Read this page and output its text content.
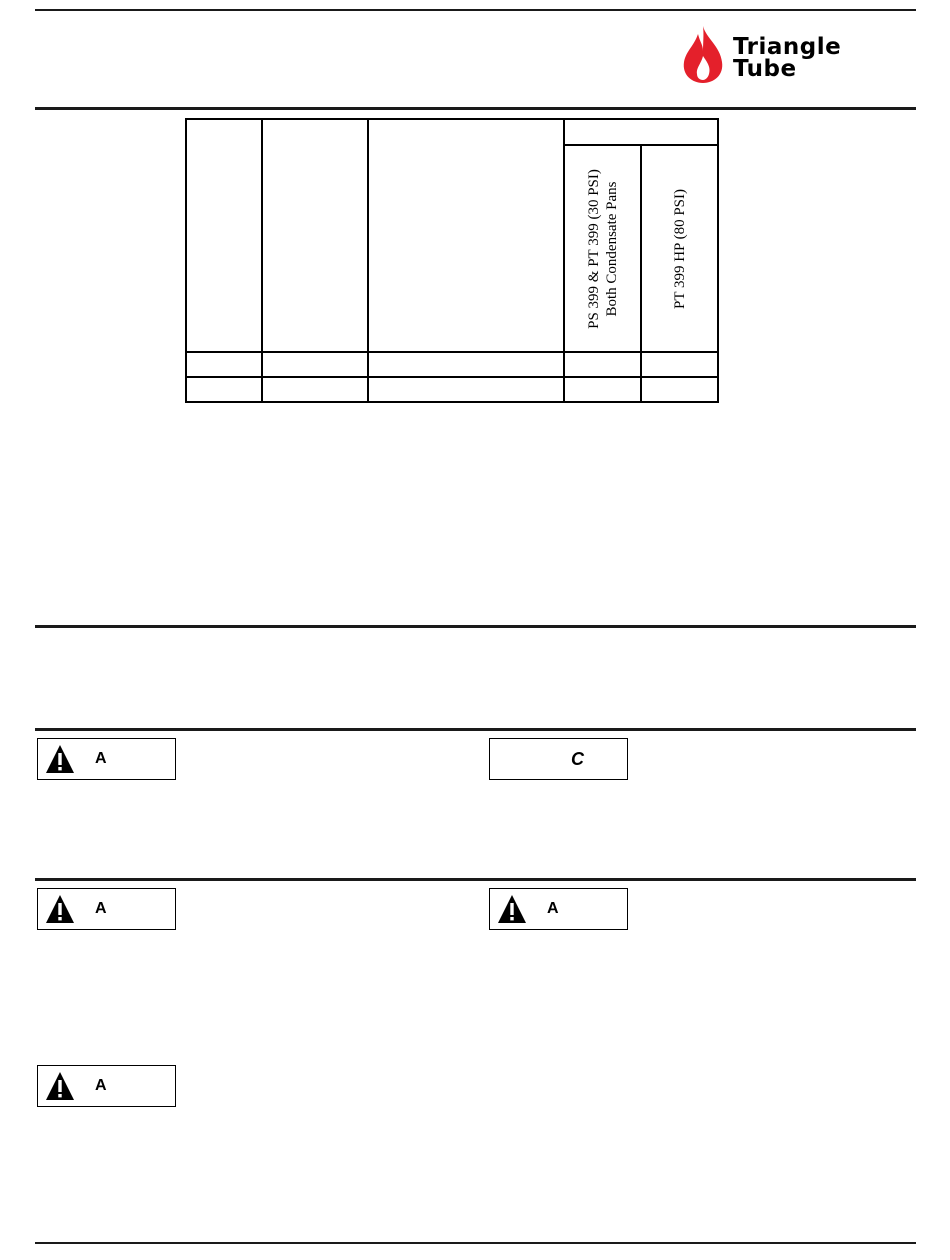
Triangle
Tube

			PS 399 & PT 399 (30 PSI) Both Condensate Pans	PT 399 HP (80 PSI)

A	C
A	A
A
